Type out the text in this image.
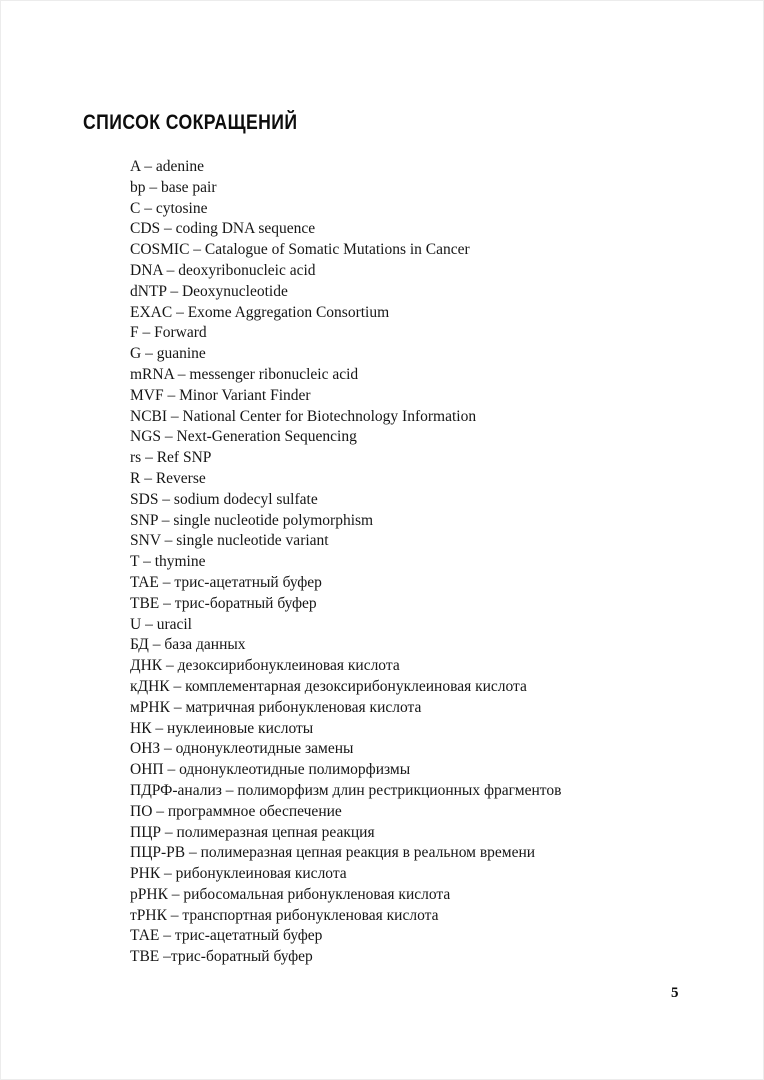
СПИСОК СОКРАЩЕНИЙ
A – adenine
bp – base pair
C – cytosine
CDS – coding DNA sequence
COSMIC – Catalogue of Somatic Mutations in Cancer
DNA – deoxyribonucleic acid
dNTP – Deoxynucleotide
EXAC – Exome Aggregation Consortium
F – Forward
G – guanine
mRNA – messenger ribonucleic acid
MVF – Minor Variant Finder
NCBI – National Center for Biotechnology Information
NGS – Next-Generation Sequencing
rs – Ref SNP
R – Reverse
SDS – sodium dodecyl sulfate
SNP – single nucleotide polymorphism
SNV – single nucleotide variant
T – thymine
TAE – трис-ацетатный буфер
TBE – трис-боратный буфер
U – uracil
БД – база данных
ДНК – дезоксирибонуклеиновая кислота
кДНК – комплементарная дезоксирибонуклеиновая кислота
мРНК – матричная рибонукленовая кислота
НК – нуклеиновые кислоты
ОНЗ – однонуклеотидные замены
ОНП – однонуклеотидные полиморфизмы
ПДРФ-анализ – полиморфизм длин рестрикционных фрагментов
ПО – программное обеспечение
ПЦР – полимеразная цепная реакция
ПЦР-РВ – полимеразная цепная реакция в реальном времени
РНК – рибонуклеиновая кислота
рРНК – рибосомальная рибонукленовая кислота
тРНК – транспортная рибонукленовая кислота
ТАЕ – трис-ацетатный буфер
ТВЕ –трис-боратный буфер
5
